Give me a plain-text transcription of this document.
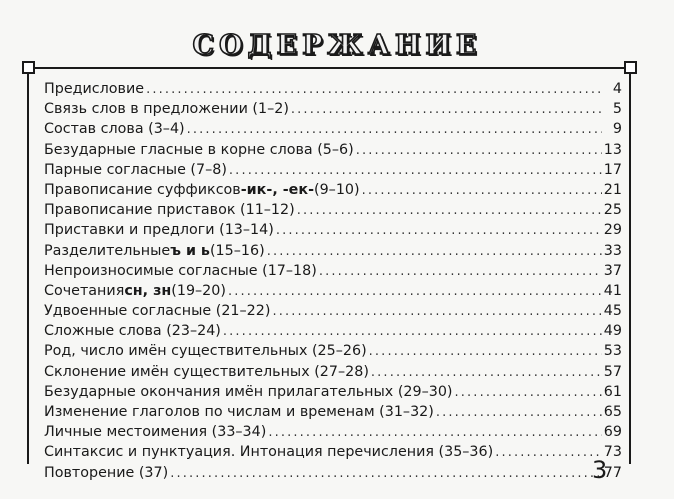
СОДЕРЖАНИЕ
Предисловие . . .	4
Связь слов в предложении (1–2) . . .	5
Состав слова (3–4) . . .	9
Безударные гласные в корне слова (5–6) . . .	13
Парные согласные (7–8) . . .	17
Правописание суффиксов -ик-, -ек- (9–10) . . .	21
Правописание приставок (11–12) . . .	25
Приставки и предлоги (13–14) . . .	29
Разделительные ъ и ь (15–16) . . .	33
Непроизносимые согласные (17–18) . . .	37
Сочетания сн, зн (19–20) . . .	41
Удвоенные согласные (21–22) . . .	45
Сложные слова (23–24) . . .	49
Род, число имён существительных (25–26) . . .	53
Склонение имён существительных (27–28) . . .	57
Безударные окончания имён прилагательных (29–30) . . .	61
Изменение глаголов по числам и временам (31–32) . . .	65
Личные местоимения (33–34) . . .	69
Синтаксис и пунктуация. Интонация перечисления (35–36) . . .	73
Повторение (37) . . .	77
3
